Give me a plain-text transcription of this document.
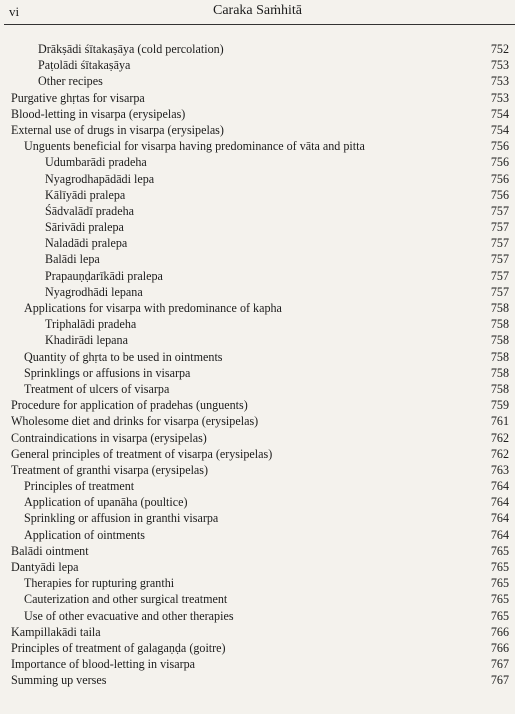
vi	Caraka Saṁhitā
Drākṣādi śītakaṣāya (cold percolation)	752
Paṭolādi śītakaṣāya	753
Other recipes	753
Purgative ghṛtas for visarpa	753
Blood-letting in visarpa (erysipelas)	754
External use of drugs in visarpa (erysipelas)	754
Unguents beneficial for visarpa having predominance of vāta and pitta	756
Udumbarādi pradeha	756
Nyagrodhapādādi lepa	756
Kālīyādi pralepa	756
Śādvalādī pradeha	757
Sārivādi pralepa	757
Naladādi pralepa	757
Balādi lepa	757
Prapauṇḍarīkādi pralepa	757
Nyagrodhādi lepana	757
Applications for visarpa with predominance of kapha	758
Triphalādi pradeha	758
Khadirādi lepana	758
Quantity of ghṛta to be used in ointments	758
Sprinklings or affusions in visarpa	758
Treatment of ulcers of visarpa	758
Procedure for application of pradehas (unguents)	759
Wholesome diet and drinks for visarpa (erysipelas)	761
Contraindications in visarpa (erysipelas)	762
General principles of treatment of visarpa (erysipelas)	762
Treatment of granthi visarpa (erysipelas)	763
Principles of treatment	764
Application of upanāha (poultice)	764
Sprinkling or affusion in granthi visarpa	764
Application of ointments	764
Balādi ointment	765
Dantyādi lepa	765
Therapies for rupturing granthi	765
Cauterization and other surgical treatment	765
Use of other evacuative and other therapies	765
Kampillakādi taila	766
Principles of treatment of galagaṇḍa (goitre)	766
Importance of blood-letting in visarpa	767
Summing up verses	767
